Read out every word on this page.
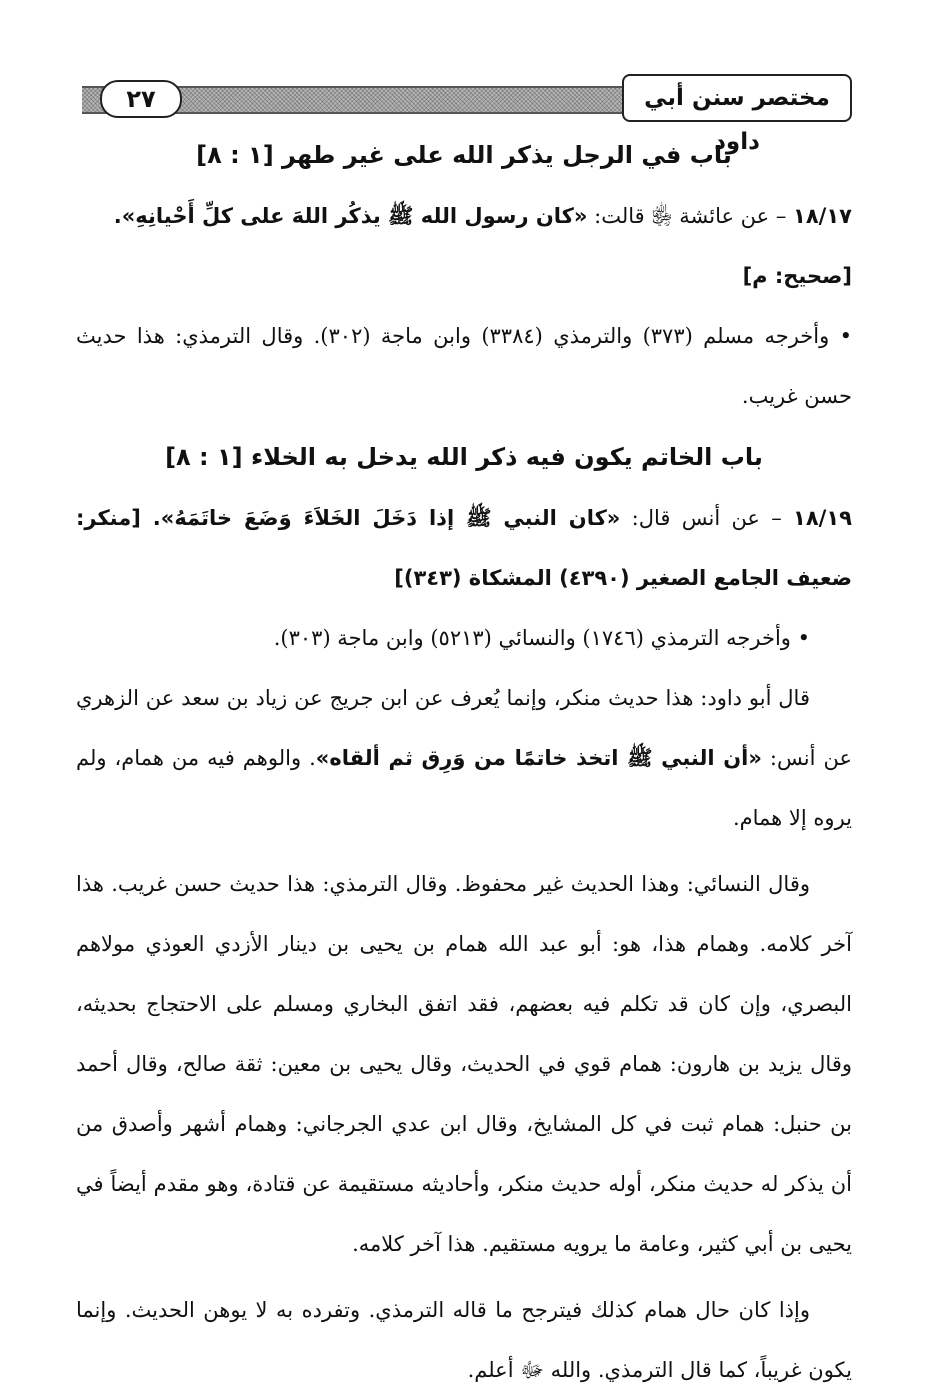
٢٧	مختصر سنن أبي داود

باب في الرجل يذكر الله على غير طهر [١ : ٨]

١٨/١٧ – عن عائشة ﵂ قالت: «كان رسول الله ﷺ يذكُر اللهَ على كلِّ أَحْيانِهِ».

[صحيح: م]

• وأخرجه مسلم (٣٧٣) والترمذي (٣٣٨٤) وابن ماجة (٣٠٢). وقال الترمذي: هذا حديث حسن غريب.

باب الخاتم يكون فيه ذكر الله يدخل به الخلاء [١ : ٨]

١٨/١٩ – عن أنس قال: «كان النبي ﷺ إذا دَخَلَ الخَلاَءَ وَضَعَ خاتَمَهُ». [منكر: ضعيف الجامع الصغير (٤٣٩٠) المشكاة (٣٤٣)]

• وأخرجه الترمذي (١٧٤٦) والنسائي (٥٢١٣) وابن ماجة (٣٠٣).

قال أبو داود: هذا حديث منكر، وإنما يُعرف عن ابن جريج عن زياد بن سعد عن الزهري عن أنس: «أن النبي ﷺ اتخذ خاتمًا من وَرِق ثم ألقاه». والوهم فيه من همام، ولم يروه إلا همام.

وقال النسائي: وهذا الحديث غير محفوظ. وقال الترمذي: هذا حديث حسن غريب. هذا آخر كلامه. وهمام هذا، هو: أبو عبد الله همام بن يحيى بن دينار الأزدي العوذي مولاهم البصري، وإن كان قد تكلم فيه بعضهم، فقد اتفق البخاري ومسلم على الاحتجاج بحديثه، وقال يزيد بن هارون: همام قوي في الحديث، وقال يحيى بن معين: ثقة صالح، وقال أحمد بن حنبل: همام ثبت في كل المشايخ، وقال ابن عدي الجرجاني: وهمام أشهر وأصدق من أن يذكر له حديث منكر، أوله حديث منكر، وأحاديثه مستقيمة عن قتادة، وهو مقدم أيضاً في يحيى بن أبي كثير، وعامة ما يرويه مستقيم. هذا آخر كلامه.

وإذا كان حال همام كذلك فيترجح ما قاله الترمذي. وتفرده به لا يوهن الحديث. وإنما يكون غريباً، كما قال الترمذي. والله ﷻ أعلم.
